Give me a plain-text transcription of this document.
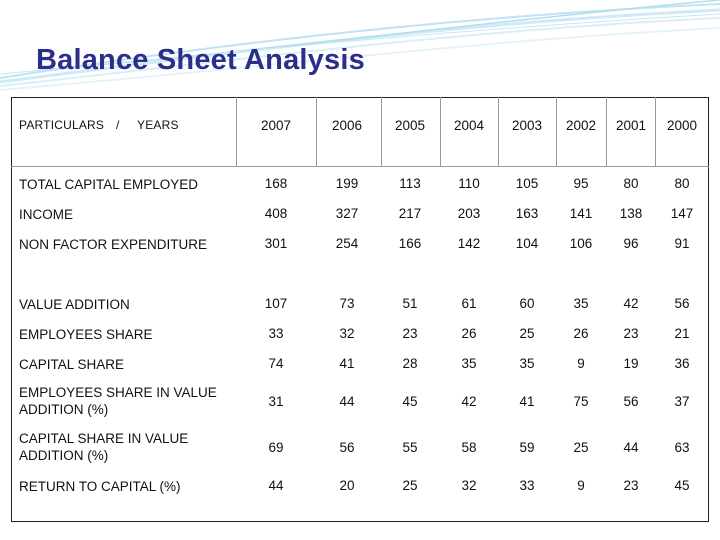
Balance Sheet Analysis
PARTICULARS / YEARS	2007	2006 2005 2004 2003 2002 2001 2000
TOTAL CAPITAL EMPLOYED	168	199	113	110	105	95	80	80
INCOME	408	327	217	203	163 141 138 147
NON FACTOR EXPENDITURE	301	254	166	142	104 106 96	91
VALUE ADDITION	107	73	51	61	60	35	42	56
EMPLOYEES SHARE	33	32	23	26	25	26	23	21
CAPITAL SHARE	74	41	28	35	35	9	19	36
EMPLOYEES SHARE IN VALUE ADDITION (%)
31	44	45	42	41	75	56	37
CAPITAL SHARE IN VALUE ADDITION (%)
69	56	55	58	59	25	44	63
RETURN TO CAPITAL (%)	44	20	25	32	33	9	23	45
